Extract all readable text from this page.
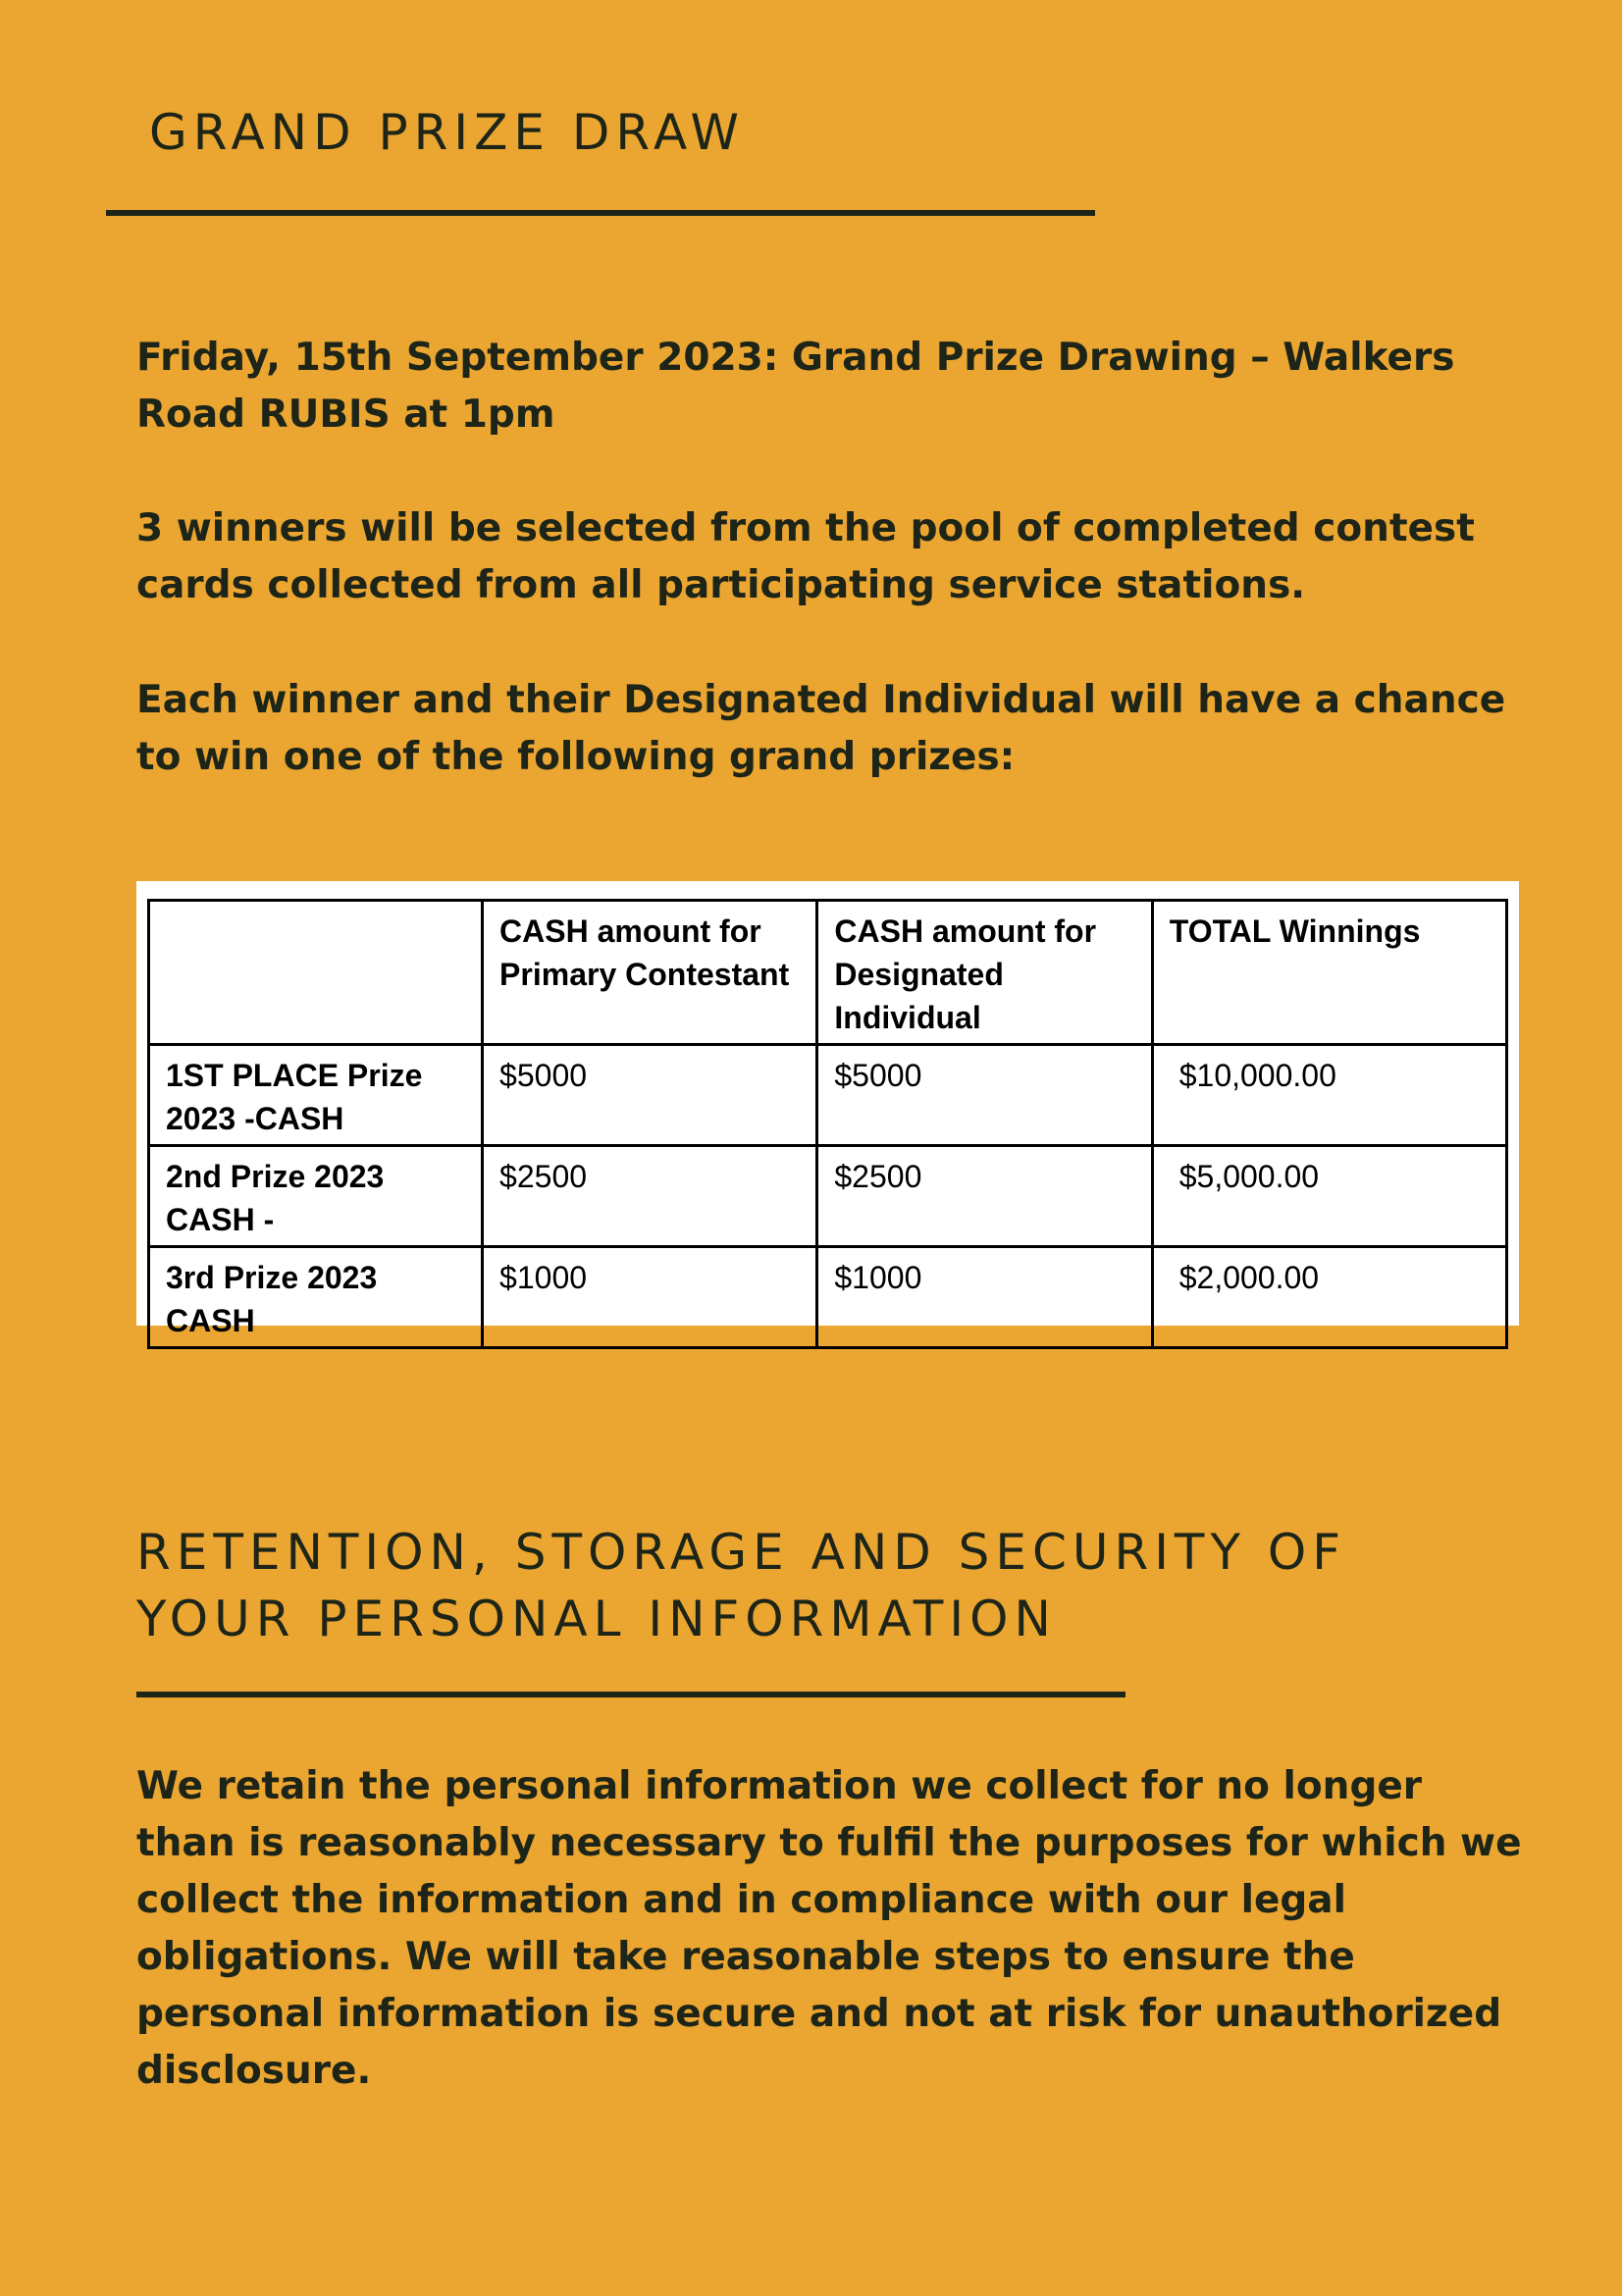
GRAND PRIZE DRAW

Friday, 15th September 2023: Grand Prize Drawing – Walkers Road RUBIS at 1pm

3 winners will be selected from the pool of completed contest cards collected from all participating service stations.

Each winner and their Designated Individual will have a chance to win one of the following grand prizes:

	CASH amount for Primary Contestant	CASH amount for Designated Individual	TOTAL Winnings
1ST PLACE Prize 2023 -CASH	$5000	$5000	$10,000.00
2nd Prize 2023 CASH -	$2500	$2500	$5,000.00
3rd Prize 2023 CASH	$1000	$1000	$2,000.00
RETENTION, STORAGE AND SECURITY OF
YOUR PERSONAL INFORMATION

We retain the personal information we collect for no longer than is reasonably necessary to fulfil the purposes for which we collect the information and in compliance with our legal obligations. We will take reasonable steps to ensure the personal information is secure and not at risk for unauthorized disclosure.
